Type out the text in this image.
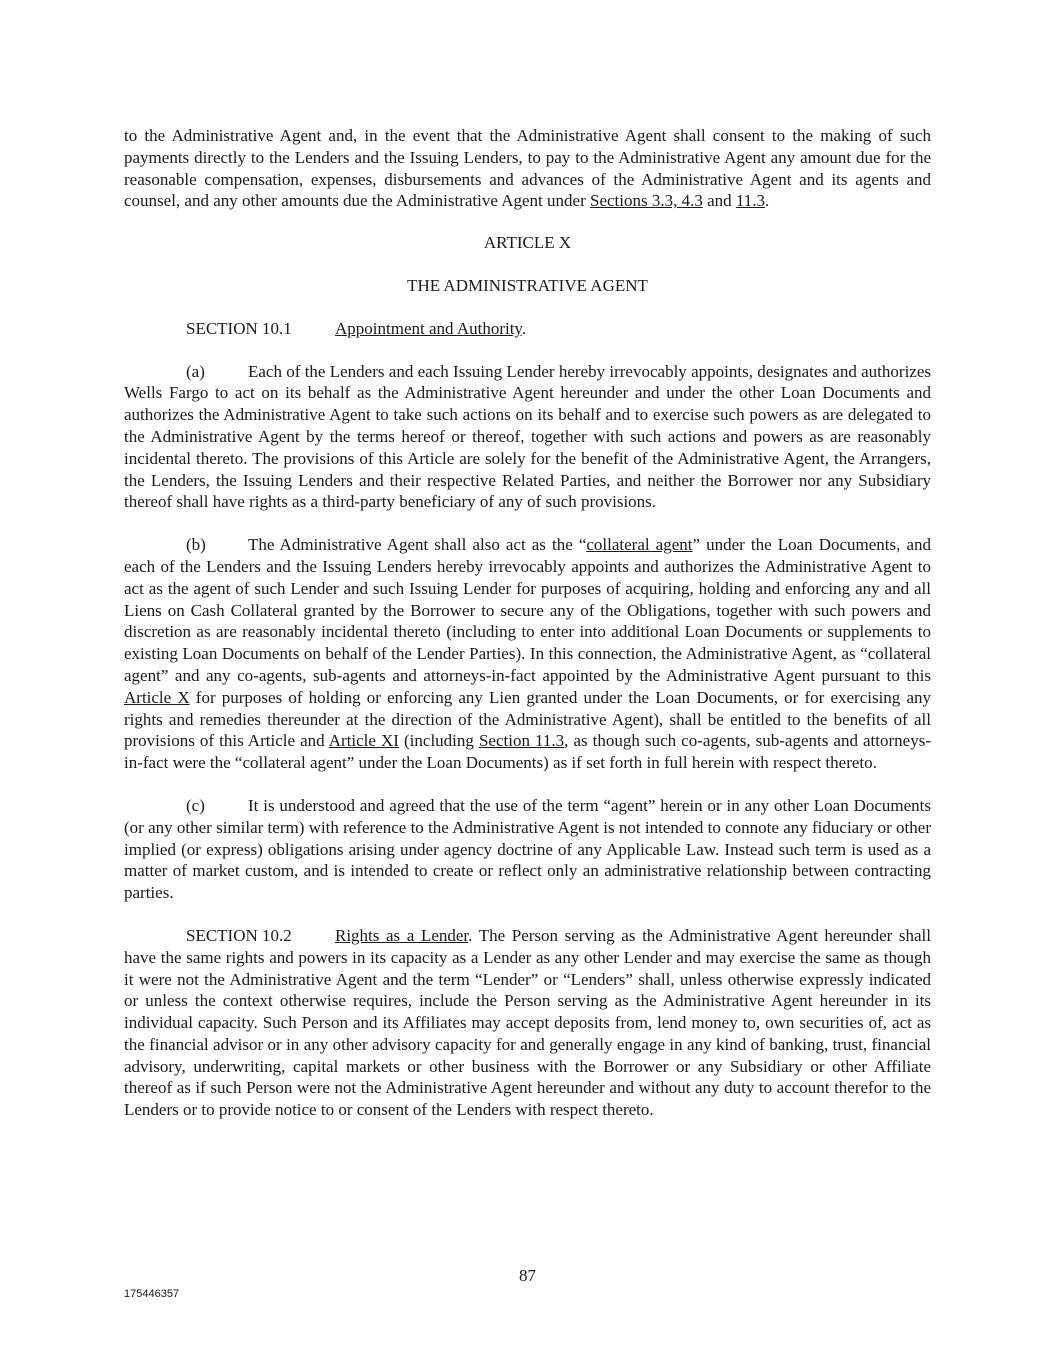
to the Administrative Agent and, in the event that the Administrative Agent shall consent to the making of such payments directly to the Lenders and the Issuing Lenders, to pay to the Administrative Agent any amount due for the reasonable compensation, expenses, disbursements and advances of the Administrative Agent and its agents and counsel, and any other amounts due the Administrative Agent under Sections 3.3, 4.3 and 11.3.

ARTICLE X

THE ADMINISTRATIVE AGENT

SECTION 10.1	Appointment and Authority.

(a)	Each of the Lenders and each Issuing Lender hereby irrevocably appoints, designates and authorizes Wells Fargo to act on its behalf as the Administrative Agent hereunder and under the other Loan Documents and authorizes the Administrative Agent to take such actions on its behalf and to exercise such powers as are delegated to the Administrative Agent by the terms hereof or thereof, together with such actions and powers as are reasonably incidental thereto. The provisions of this Article are solely for the benefit of the Administrative Agent, the Arrangers, the Lenders, the Issuing Lenders and their respective Related Parties, and neither the Borrower nor any Subsidiary thereof shall have rights as a third-party beneficiary of any of such provisions.

(b) The Administrative Agent shall also act as the “collateral agent” under the Loan Documents, and each of the Lenders and the Issuing Lenders hereby irrevocably appoints and authorizes the Administrative Agent to act as the agent of such Lender and such Issuing Lender for purposes of acquiring, holding and enforcing any and all Liens on Cash Collateral granted by the Borrower to secure any of the Obligations, together with such powers and discretion as are reasonably incidental thereto (including to enter into additional Loan Documents or supplements to existing Loan Documents on behalf of the Lender Parties). In this connection, the Administrative Agent, as “collateral agent” and any co-agents, sub-agents and attorneys-in-fact appointed by the Administrative Agent pursuant to this Article X for purposes of holding or enforcing any Lien granted under the Loan Documents, or for exercising any rights and remedies thereunder at the direction of the Administrative Agent), shall be entitled to the benefits of all provisions of this Article and Article XI (including Section 11.3, as though such co-agents, sub-agents and attorneys-in-fact were the “collateral agent” under the Loan Documents) as if set forth in full herein with respect thereto.

(c)	It is understood and agreed that the use of the term “agent” herein or in any other Loan Documents (or any other similar term) with reference to the Administrative Agent is not intended to connote any fiduciary or other implied (or express) obligations arising under agency doctrine of any Applicable Law. Instead such term is used as a matter of market custom, and is intended to create or reflect only an administrative relationship between contracting parties.

SECTION 10.2	Rights as a Lender. The Person serving as the Administrative Agent hereunder shall have the same rights and powers in its capacity as a Lender as any other Lender and may exercise the same as though it were not the Administrative Agent and the term “Lender” or “Lenders” shall, unless otherwise expressly indicated or unless the context otherwise requires, include the Person serving as the Administrative Agent hereunder in its individual capacity. Such Person and its Affiliates may accept deposits from, lend money to, own securities of, act as the financial advisor or in any other advisory capacity for and generally engage in any kind of banking, trust, financial advisory, underwriting, capital markets or other business with the Borrower or any Subsidiary or other Affiliate thereof as if such Person were not the Administrative Agent hereunder and without any duty to account therefor to the Lenders or to provide notice to or consent of the Lenders with respect thereto.

87
175446357
